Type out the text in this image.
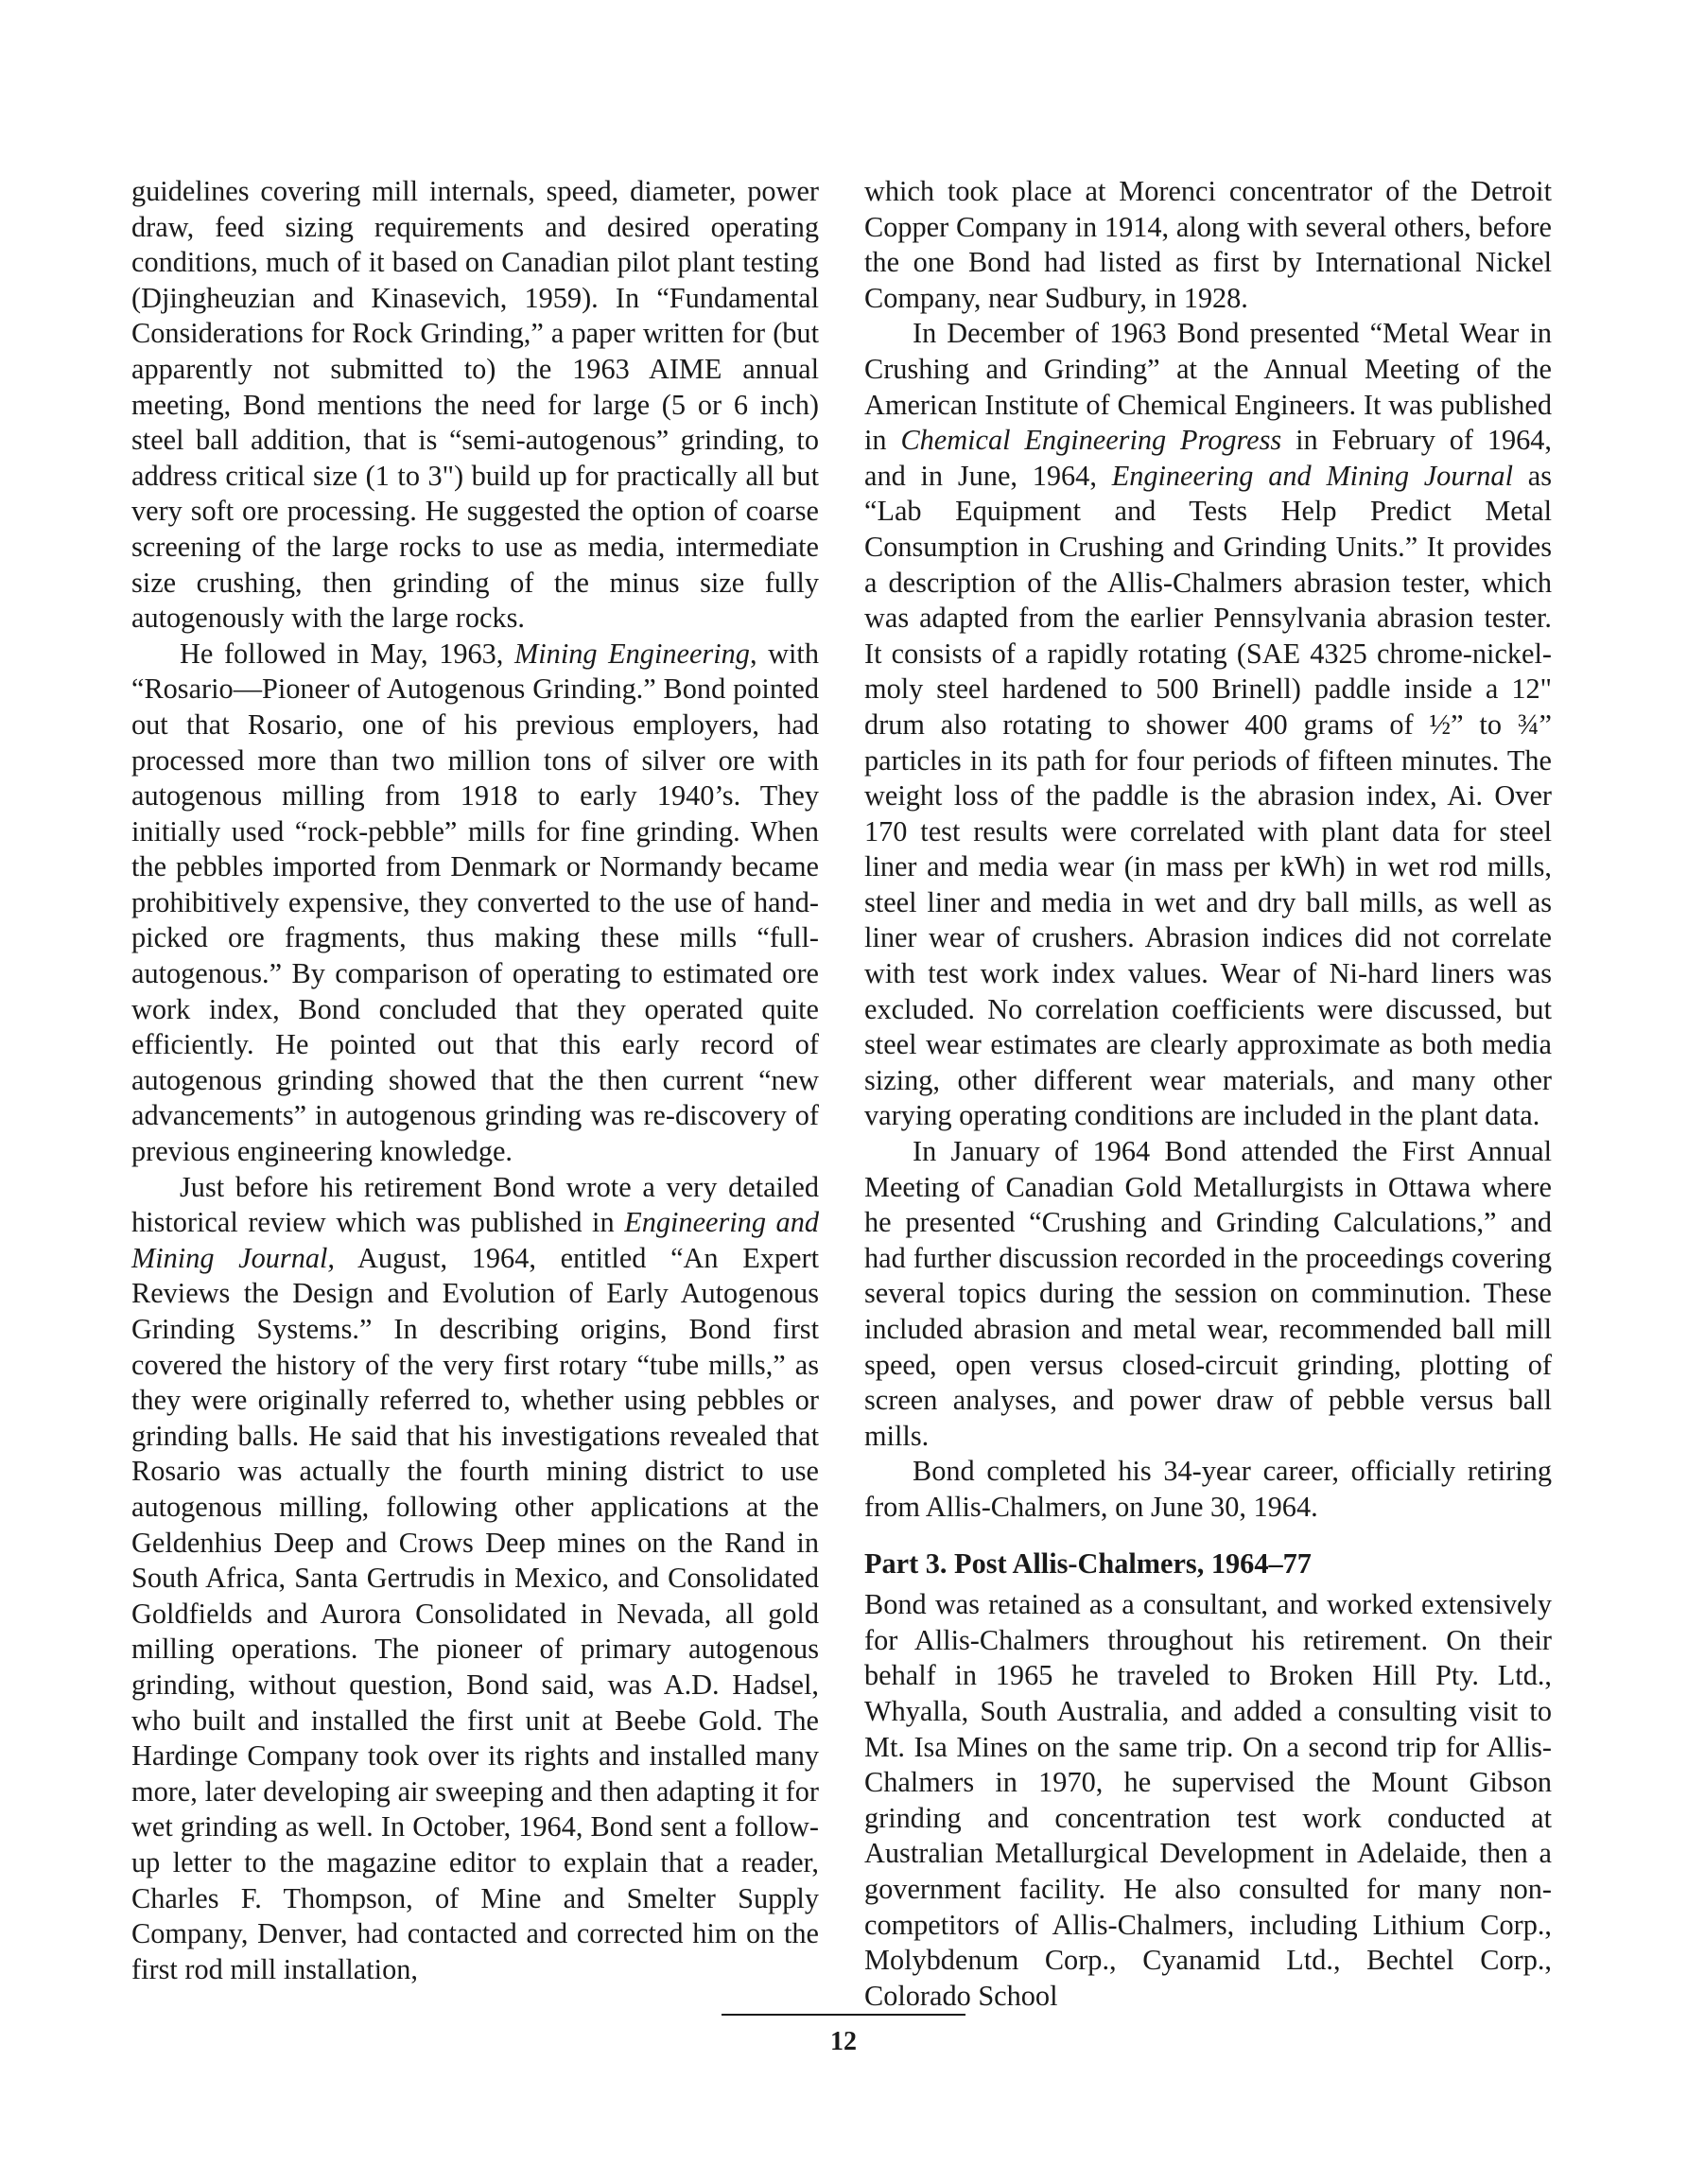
guidelines covering mill internals, speed, diameter, power draw, feed sizing requirements and desired operating conditions, much of it based on Canadian pilot plant testing (Djingheuzian and Kinasevich, 1959). In “Fundamental Considerations for Rock Grinding,” a paper written for (but apparently not submitted to) the 1963 AIME annual meeting, Bond mentions the need for large (5 or 6 inch) steel ball addition, that is “semi-autogenous” grinding, to address critical size (1 to 3") build up for practically all but very soft ore processing. He suggested the option of coarse screening of the large rocks to use as media, intermediate size crushing, then grinding of the minus size fully autogenously with the large rocks.

He followed in May, 1963, Mining Engineering, with “Rosario—Pioneer of Autogenous Grinding.” Bond pointed out that Rosario, one of his previous employers, had processed more than two million tons of silver ore with autogenous milling from 1918 to early 1940’s. They initially used “rock-pebble” mills for fine grinding. When the pebbles imported from Denmark or Normandy became prohibitively expensive, they converted to the use of hand-picked ore fragments, thus making these mills “full-autogenous.” By comparison of operating to estimated ore work index, Bond concluded that they operated quite efficiently. He pointed out that this early record of autogenous grinding showed that the then current “new advancements” in autogenous grinding was re-discovery of previous engineering knowledge.

Just before his retirement Bond wrote a very detailed historical review which was published in Engineering and Mining Journal, August, 1964, entitled “An Expert Reviews the Design and Evolution of Early Autogenous Grinding Systems.” In describing origins, Bond first covered the history of the very first rotary “tube mills,” as they were originally referred to, whether using pebbles or grinding balls. He said that his investigations revealed that Rosario was actually the fourth mining district to use autogenous milling, following other applications at the Geldenhius Deep and Crows Deep mines on the Rand in South Africa, Santa Gertrudis in Mexico, and Consolidated Goldfields and Aurora Consolidated in Nevada, all gold milling operations. The pioneer of primary autogenous grinding, without question, Bond said, was A.D. Hadsel, who built and installed the first unit at Beebe Gold. The Hardinge Company took over its rights and installed many more, later developing air sweeping and then adapting it for wet grinding as well. In October, 1964, Bond sent a follow-up letter to the magazine editor to explain that a reader, Charles F. Thompson, of Mine and Smelter Supply Company, Denver, had contacted and corrected him on the first rod mill installation,

which took place at Morenci concentrator of the Detroit Copper Company in 1914, along with several others, before the one Bond had listed as first by International Nickel Company, near Sudbury, in 1928.

In December of 1963 Bond presented “Metal Wear in Crushing and Grinding” at the Annual Meeting of the American Institute of Chemical Engineers. It was published in Chemical Engineering Progress in February of 1964, and in June, 1964, Engineering and Mining Journal as “Lab Equipment and Tests Help Predict Metal Consumption in Crushing and Grinding Units.” It provides a description of the Allis-Chalmers abrasion tester, which was adapted from the earlier Pennsylvania abrasion tester. It consists of a rapidly rotating (SAE 4325 chrome-nickel-moly steel hardened to 500 Brinell) paddle inside a 12" drum also rotating to shower 400 grams of ½” to ¾” particles in its path for four periods of fifteen minutes. The weight loss of the paddle is the abrasion index, Ai. Over 170 test results were correlated with plant data for steel liner and media wear (in mass per kWh) in wet rod mills, steel liner and media in wet and dry ball mills, as well as liner wear of crushers. Abrasion indices did not correlate with test work index values. Wear of Ni-hard liners was excluded. No correlation coefficients were discussed, but steel wear estimates are clearly approximate as both media sizing, other different wear materials, and many other varying operating conditions are included in the plant data.

In January of 1964 Bond attended the First Annual Meeting of Canadian Gold Metallurgists in Ottawa where he presented “Crushing and Grinding Calculations,” and had further discussion recorded in the proceedings covering several topics during the session on comminution. These included abrasion and metal wear, recommended ball mill speed, open versus closed-circuit grinding, plotting of screen analyses, and power draw of pebble versus ball mills.

Bond completed his 34-year career, officially retiring from Allis-Chalmers, on June 30, 1964.

Part 3. Post Allis-Chalmers, 1964–77

Bond was retained as a consultant, and worked extensively for Allis-Chalmers throughout his retirement. On their behalf in 1965 he traveled to Broken Hill Pty. Ltd., Whyalla, South Australia, and added a consulting visit to Mt. Isa Mines on the same trip. On a second trip for Allis-Chalmers in 1970, he supervised the Mount Gibson grinding and concentration test work conducted at Australian Metallurgical Development in Adelaide, then a government facility. He also consulted for many non-competitors of Allis-Chalmers, including Lithium Corp., Molybdenum Corp., Cyanamid Ltd., Bechtel Corp., Colorado School

12
